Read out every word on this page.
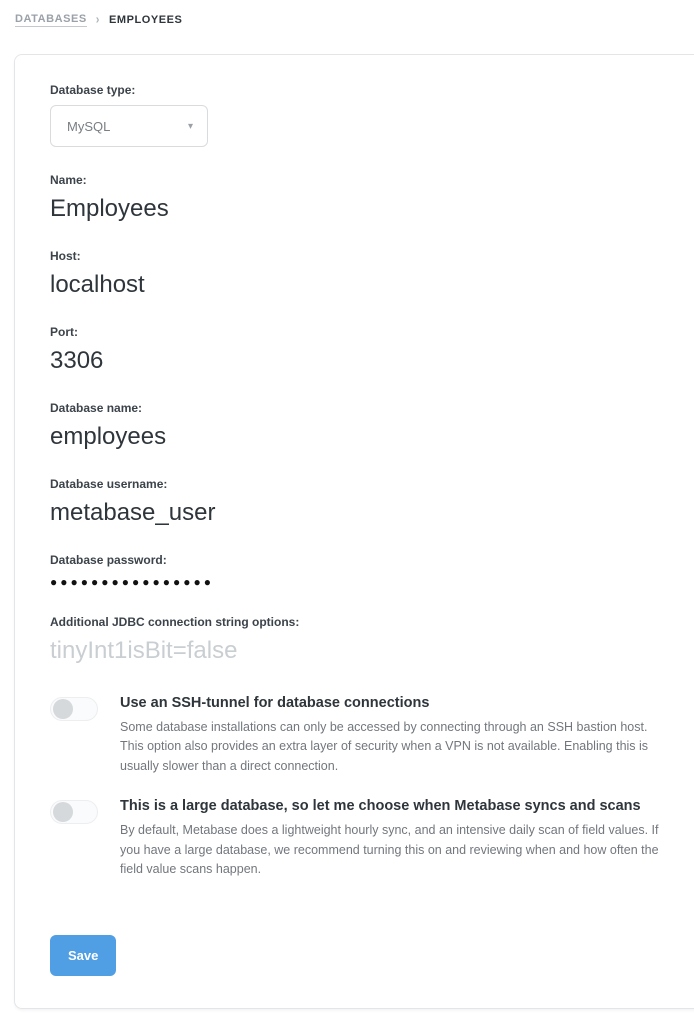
DATABASES › EMPLOYEES
Database type:
MySQL	▾
Name:
Employees
Host:
localhost
Port:
3306
Database name:
employees
Database username:
metabase_user
Database password:
●●●●●●●●●●●●●●●●
Additional JDBC connection string options:
tinyInt1isBit=false
Use an SSH-tunnel for database connections
Some database installations can only be accessed by connecting through an SSH bastion host. This option also provides an extra layer of security when a VPN is not available. Enabling this is usually slower than a direct connection.
This is a large database, so let me choose when Metabase syncs and scans
By default, Metabase does a lightweight hourly sync, and an intensive daily scan of field values. If you have a large database, we recommend turning this on and reviewing when and how often the field value scans happen.
Save
